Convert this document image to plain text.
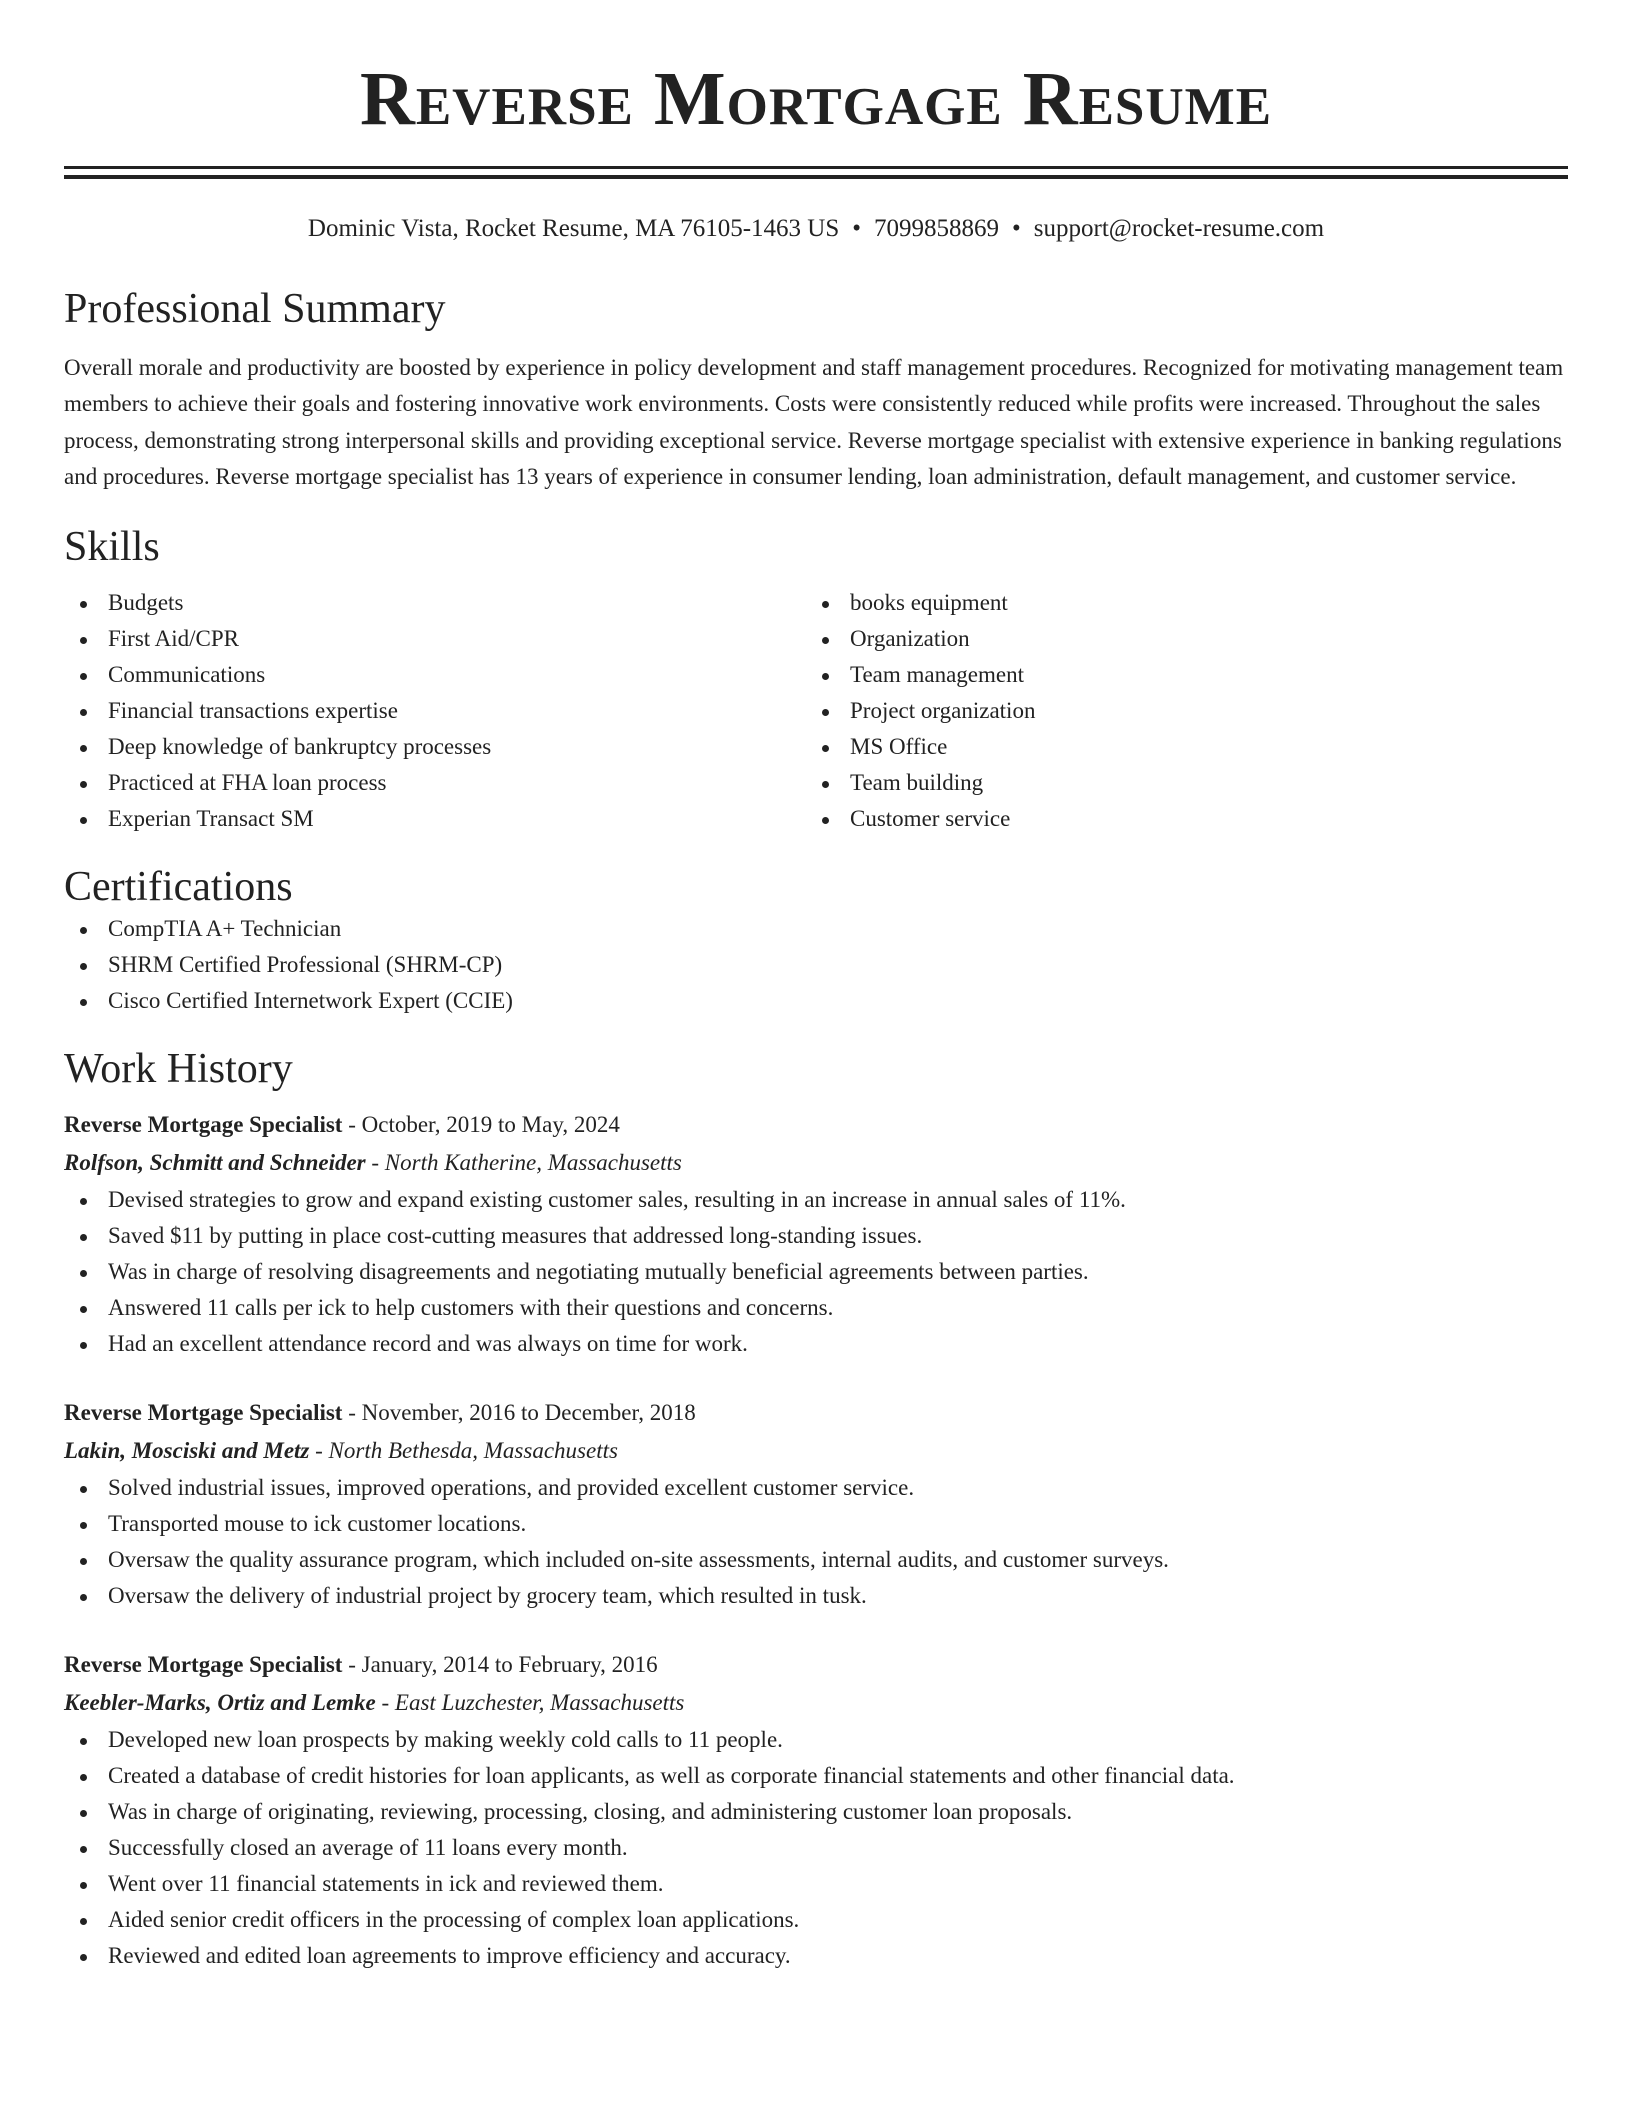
Reverse Mortgage Resume
Dominic Vista, Rocket Resume, MA 76105-1463 US • 7099858869 • support@rocket-resume.com
Professional Summary
Overall morale and productivity are boosted by experience in policy development and staff management procedures. Recognized for motivating management team members to achieve their goals and fostering innovative work environments. Costs were consistently reduced while profits were increased. Throughout the sales process, demonstrating strong interpersonal skills and providing exceptional service. Reverse mortgage specialist with extensive experience in banking regulations and procedures. Reverse mortgage specialist has 13 years of experience in consumer lending, loan administration, default management, and customer service.
Skills
Budgets
First Aid/CPR
Communications
Financial transactions expertise
Deep knowledge of bankruptcy processes
Practiced at FHA loan process
Experian Transact SM
books equipment
Organization
Team management
Project organization
MS Office
Team building
Customer service
Certifications
CompTIA A+ Technician
SHRM Certified Professional (SHRM-CP)
Cisco Certified Internetwork Expert (CCIE)
Work History
Reverse Mortgage Specialist - October, 2019 to May, 2024
Rolfson, Schmitt and Schneider - North Katherine, Massachusetts
Devised strategies to grow and expand existing customer sales, resulting in an increase in annual sales of 11%.
Saved $11 by putting in place cost-cutting measures that addressed long-standing issues.
Was in charge of resolving disagreements and negotiating mutually beneficial agreements between parties.
Answered 11 calls per ick to help customers with their questions and concerns.
Had an excellent attendance record and was always on time for work.
Reverse Mortgage Specialist - November, 2016 to December, 2018
Lakin, Mosciski and Metz - North Bethesda, Massachusetts
Solved industrial issues, improved operations, and provided excellent customer service.
Transported mouse to ick customer locations.
Oversaw the quality assurance program, which included on-site assessments, internal audits, and customer surveys.
Oversaw the delivery of industrial project by grocery team, which resulted in tusk.
Reverse Mortgage Specialist - January, 2014 to February, 2016
Keebler-Marks, Ortiz and Lemke - East Luzchester, Massachusetts
Developed new loan prospects by making weekly cold calls to 11 people.
Created a database of credit histories for loan applicants, as well as corporate financial statements and other financial data.
Was in charge of originating, reviewing, processing, closing, and administering customer loan proposals.
Successfully closed an average of 11 loans every month.
Went over 11 financial statements in ick and reviewed them.
Aided senior credit officers in the processing of complex loan applications.
Reviewed and edited loan agreements to improve efficiency and accuracy.
